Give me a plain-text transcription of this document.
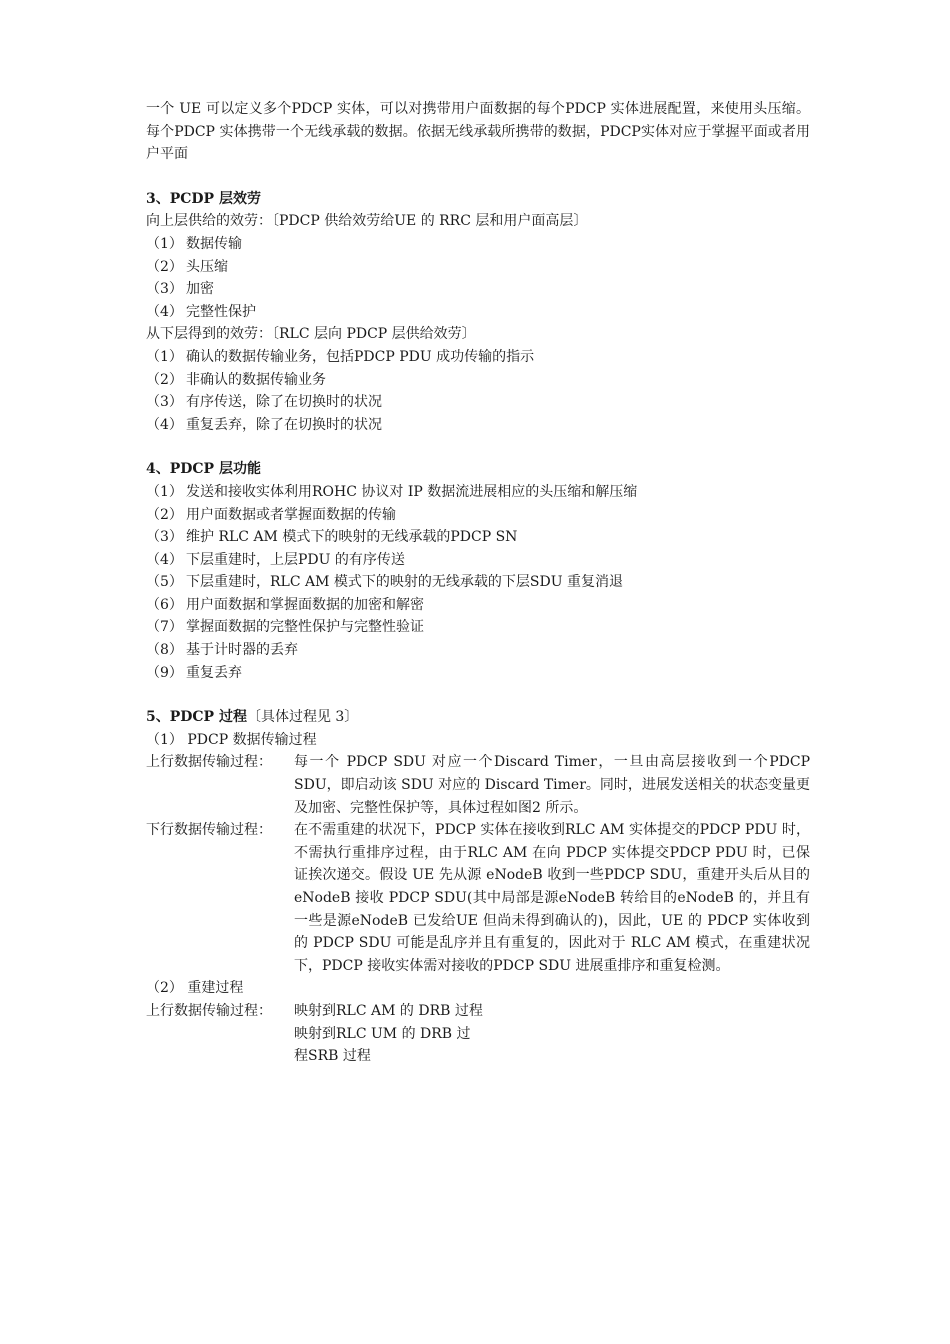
一个 UE 可以定义多个PDCP 实体，可以对携带用户面数据的每个PDCP 实体进展配置，来使用头压缩。每个PDCP 实体携带一个无线承载的数据。依据无线承载所携带的数据，PDCP实体对应于掌握平面或者用户平面

3、PCDP 层效劳

向上层供给的效劳：〔PDCP 供给效劳给UE 的 RRC 层和用户面高层〕

（1） 数据传输

（2） 头压缩

（3） 加密

（4） 完整性保护

从下层得到的效劳：〔RLC 层向 PDCP 层供给效劳〕

（1） 确认的数据传输业务，包括PDCP PDU 成功传输的指示

（2） 非确认的数据传输业务

（3） 有序传送，除了在切换时的状况

（4） 重复丢弃，除了在切换时的状况

4、PDCP 层功能

（1） 发送和接收实体利用ROHC 协议对 IP 数据流进展相应的头压缩和解压缩

（2） 用户面数据或者掌握面数据的传输

（3） 维护 RLC AM 模式下的映射的无线承载的PDCP SN

（4） 下层重建时，上层PDU 的有序传送

（5） 下层重建时，RLC AM 模式下的映射的无线承载的下层SDU 重复消退

（6） 用户面数据和掌握面数据的加密和解密

（7） 掌握面数据的完整性保护与完整性验证

（8） 基于计时器的丢弃

（9） 重复丢弃

5、PDCP 过程〔具体过程见 3〕

（1） PDCP 数据传输过程

上行数据传输过程：	每一个 PDCP SDU 对应一个Discard Timer，一旦由高层接收到一个PDCP SDU，即启动该 SDU 对应的 Discard Timer。同时，进展发送相关的状态变量更及加密、完整性保护等，具体过程如图2 所示。
下行数据传输过程：	在不需重建的状况下，PDCP 实体在接收到RLC AM 实体提交的PDCP PDU 时，不需执行重排序过程，由于RLC AM 在向 PDCP 实体提交PDCP PDU 时，已保证挨次递交。假设 UE 先从源 eNodeB 收到一些PDCP SDU，重建开头后从目的 eNodeB 接收 PDCP SDU(其中局部是源eNodeB 转给目的eNodeB 的，并且有一些是源eNodeB 已发给UE 但尚未得到确认的)，因此，UE 的 PDCP 实体收到的 PDCP SDU 可能是乱序并且有重复的，因此对于 RLC AM 模式，在重建状况下，PDCP 接收实体需对接收的PDCP SDU 进展重排序和重复检测。

（2） 重建过程

上行数据传输过程：	映射到RLC AM 的 DRB 过程
映射到RLC UM 的 DRB 过
程SRB 过程
